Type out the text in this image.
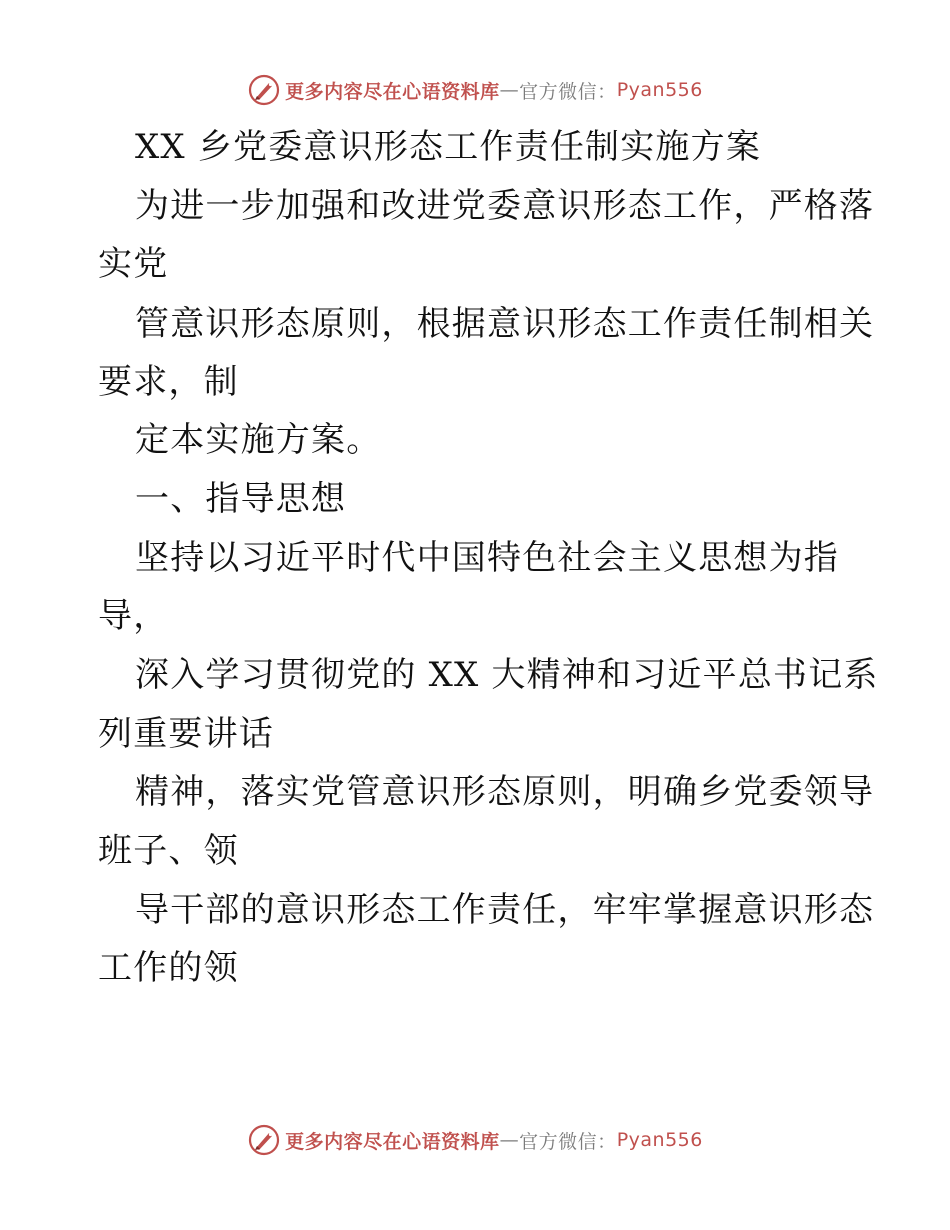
更多内容尽在心语资料库 — 官方微信： Pyan556
XX 乡党委意识形态工作责任制实施方案
为进一步加强和改进党委意识形态工作，严格落
实党
管意识形态原则，根据意识形态工作责任制相关
要求，制
定本实施方案。
一、指导思想
坚持以习近平时代中国特色社会主义思想为指
导，
深入学习贯彻党的 XX 大精神和习近平总书记系
列重要讲话
精神，落实党管意识形态原则，明确乡党委领导
班子、领
导干部的意识形态工作责任，牢牢掌握意识形态
工作的领
更多内容尽在心语资料库 — 官方微信： Pyan556
